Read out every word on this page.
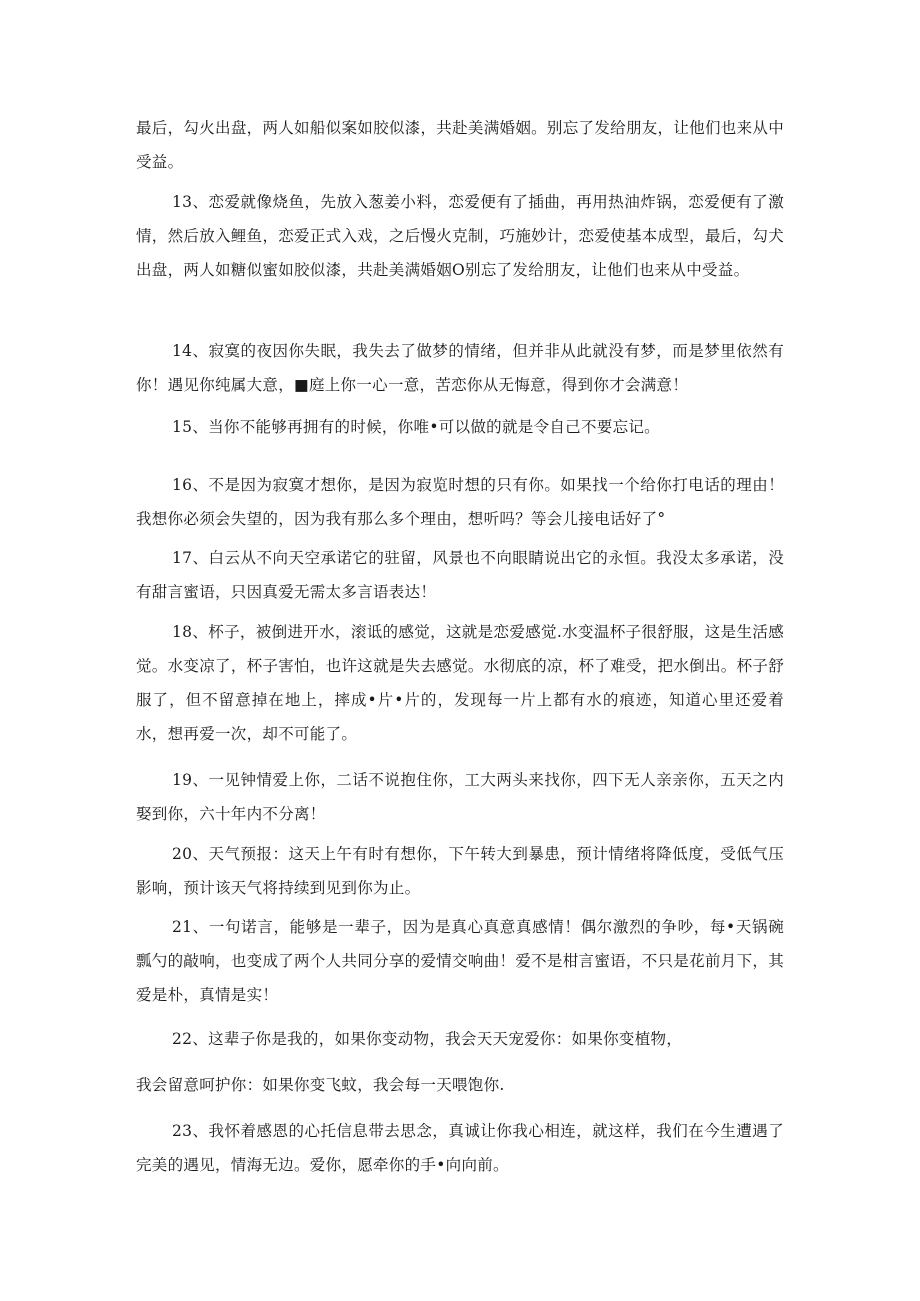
最后，勾火出盘，两人如船似案如胶似漆，共赴美满婚姻。别忘了发给朋友，让他们也来从中受益。

13、恋爱就像烧鱼，先放入葱姜小料，恋爱便有了插曲，再用热油炸锅，恋爱便有了激情，然后放入鲤鱼，恋爱正式入戏，之后慢火克制，巧施妙计，恋爱使基本成型，最后，勾犬出盘，两人如糖似蜜如胶似漆，共赴美满婚姻O别忘了发给朋友，让他们也来从中受益。

14、寂寞的夜因你失眠，我失去了做梦的情绪，但并非从此就没有梦，而是梦里依然有你！遇见你纯属大意，■庭上你一心一意，苦恋你从无悔意，得到你才会满意！

15、当你不能够再拥有的时候，你唯•可以做的就是令自己不要忘记。

16、不是因为寂寞才想你，是因为寂览时想的只有你。如果找一个给你打电话的理由！我想你必须会失望的，因为我有那么多个理由，想听吗？等会儿接电话好了°

17、白云从不向天空承诺它的驻留，风景也不向眼睛说出它的永恒。我没太多承诺，没有甜言蜜语，只因真爱无需太多言语表达！

18、杯子，被倒进开水，滚诋的感觉，这就是恋爱感觉.水变温杯子很舒服，这是生活感觉。水变凉了，杯子害怕，也许这就是失去感觉。水彻底的凉，杯了难受，把水倒出。杯子舒服了，但不留意掉在地上，摔成•片•片的，发现每一片上都有水的痕迹，知道心里还爱着水，想再爱一次，却不可能了。

19、一见钟情爱上你，二话不说抱住你，工大两头来找你，四下无人亲亲你，五天之内娶到你，六十年内不分离！

20、天气预报：这天上午有时有想你，下午转大到暴患，预计情绪将降低度，受低气压影响，预计该天气将持续到见到你为止。

21、一句诺言，能够是一辈子，因为是真心真意真感情！偶尔激烈的争吵，每•天锅碗瓢勺的敲响，也变成了两个人共同分享的爱情交响曲！爱不是柑言蜜语，不只是花前月下，其爱是朴，真情是实！

22、这辈子你是我的，如果你变动物，我会天天宠爱你：如果你变植物，

我会留意呵护你：如果你变飞蚊，我会每一天喂饱你.

23、我怀着感恩的心托信息带去思念，真诚让你我心相连，就这样，我们在今生遭遇了完美的遇见，情海无边。爱你，愿牵你的手•向向前。
